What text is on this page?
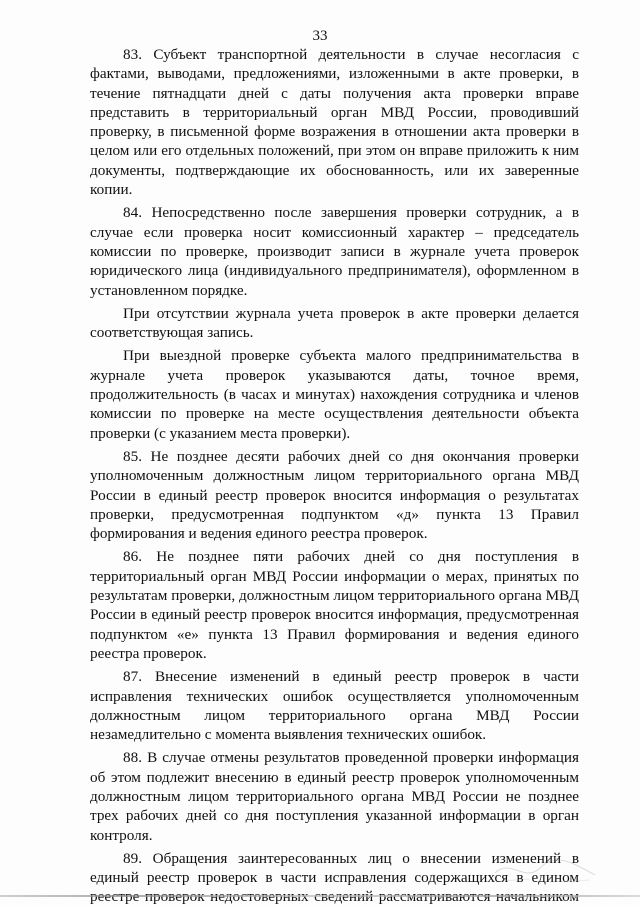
33

83. Субъект транспортной деятельности в случае несогласия с фактами, выводами, предложениями, изложенными в акте проверки, в течение пятнадцати дней с даты получения акта проверки вправе представить в территориальный орган МВД России, проводивший проверку, в письменной форме возражения в отношении акта проверки в целом или его отдельных положений, при этом он вправе приложить к ним документы, подтверждающие их обоснованность, или их заверенные копии.

84. Непосредственно после завершения проверки сотрудник, а в случае если проверка носит комиссионный характер – председатель комиссии по проверке, производит записи в журнале учета проверок юридического лица (индивидуального предпринимателя), оформленном в установленном порядке.

При отсутствии журнала учета проверок в акте проверки делается соответствующая запись.

При выездной проверке субъекта малого предпринимательства в журнале учета проверок указываются даты, точное время, продолжительность (в часах и минутах) нахождения сотрудника и членов комиссии по проверке на месте осуществления деятельности объекта проверки (с указанием места проверки).

85. Не позднее десяти рабочих дней со дня окончания проверки уполномоченным должностным лицом территориального органа МВД России в единый реестр проверок вносится информация о результатах проверки, предусмотренная подпунктом «д» пункта 13 Правил формирования и ведения единого реестра проверок.

86. Не позднее пяти рабочих дней со дня поступления в территориальный орган МВД России информации о мерах, принятых по результатам проверки, должностным лицом территориального органа МВД России в единый реестр проверок вносится информация, предусмотренная подпунктом «е» пункта 13 Правил формирования и ведения единого реестра проверок.

87. Внесение изменений в единый реестр проверок в части исправления технических ошибок осуществляется уполномоченным должностным лицом территориального органа МВД России незамедлительно с момента выявления технических ошибок.

88. В случае отмены результатов проведенной проверки информация об этом подлежит внесению в единый реестр проверок уполномоченным должностным лицом территориального органа МВД России не позднее трех рабочих дней со дня поступления указанной информации в орган контроля.

89. Обращения заинтересованных лиц о внесении изменений в единый реестр проверок в части исправления содержащихся в едином
